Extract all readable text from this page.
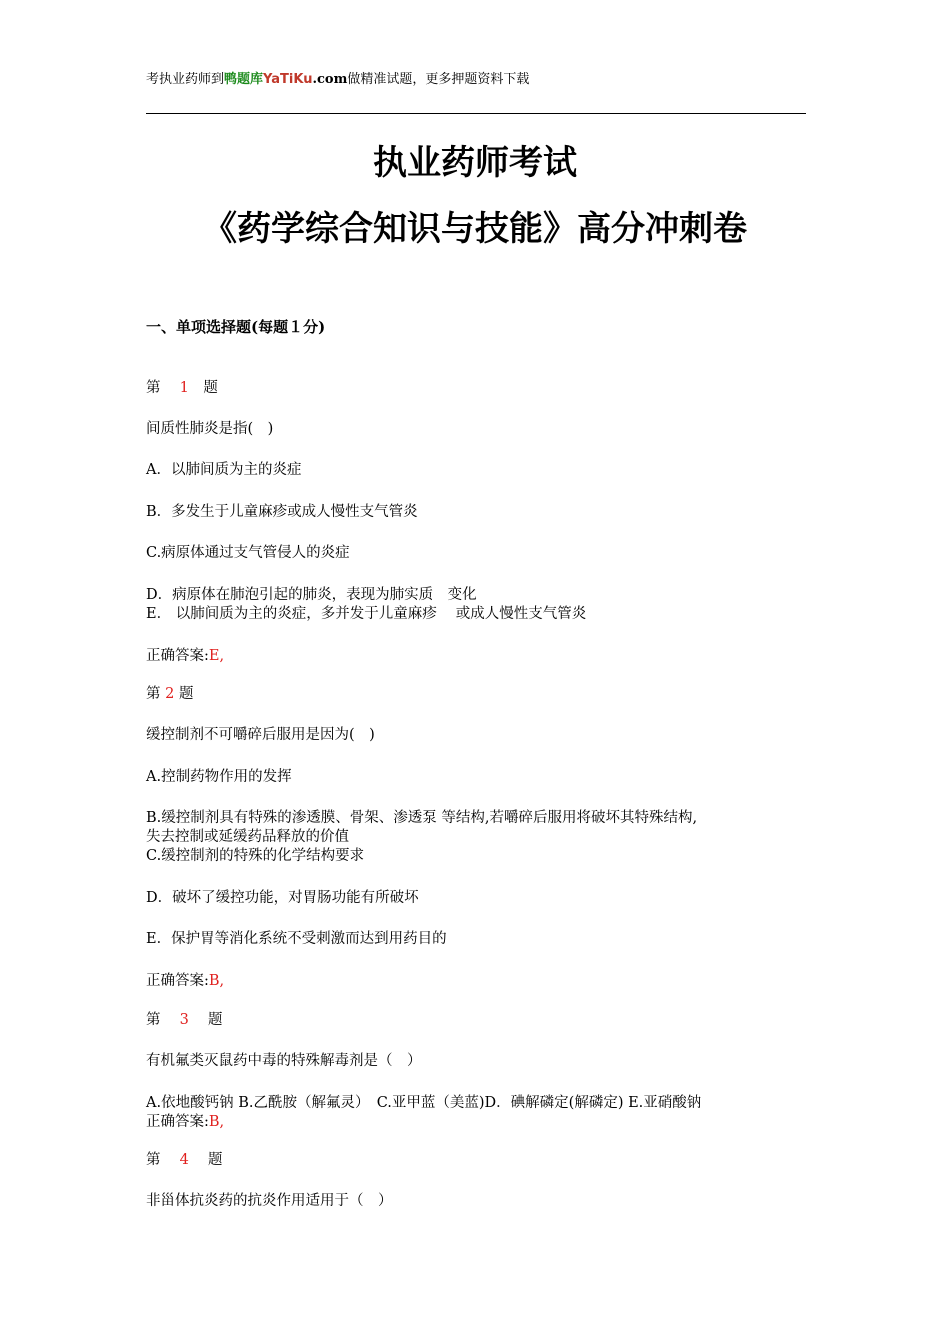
考执业药师到鸭题库YaTiKu.com做精准试题，更多押题资料下载
执业药师考试
《药学综合知识与技能》高分冲刺卷
一、单项选择题(每题１分)
第　 1　 题
间质性肺炎是指(　)
A．以肺间质为主的炎症
B．多发生于儿童麻疹或成人慢性支气管炎
C.病原体通过支气管侵人的炎症
D．病原体在肺泡引起的肺炎，表现为肺实质　变化
E． 以肺间质为主的炎症，多并发于儿童麻疹　 或成人慢性支气管炎
正确答案:E,
第 2 题
缓控制剂不可嚼碎后服用是因为(　)
A.控制药物作用的发挥
B.缓控制剂具有特殊的渗透膜、骨架、渗透泵 等结构,若嚼碎后服用将破坏其特殊结构,
失去控制或延缓药品释放的价值
C.缓控制剂的特殊的化学结构要求
D．破坏了缓控功能，对胃肠功能有所破坏
E．保护胃等消化系统不受刺激而达到用药目的
正确答案:B,
第　 3　 题
有机氟类灭鼠药中毒的特殊解毒剂是（　）
A.依地酸钙钠 B.乙酰胺（解氟灵）　C.亚甲蓝（美蓝)D．碘解磷定(解磷定) E.亚硝酸钠
正确答案:B,
第　 4　 题
非甾体抗炎药的抗炎作用适用于（　）
